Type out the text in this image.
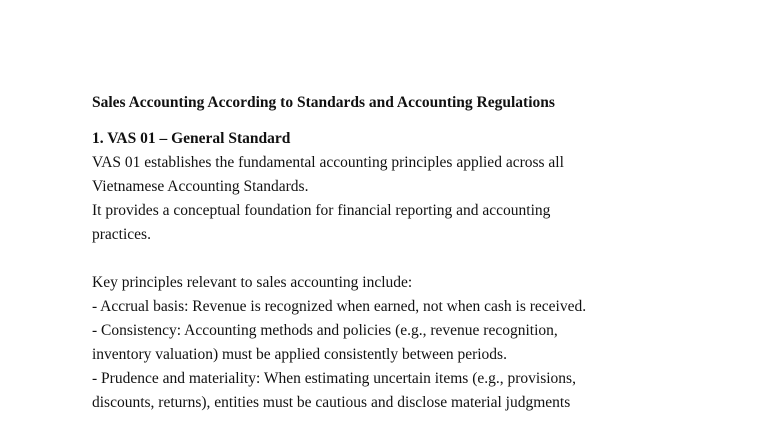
Sales Accounting According to Standards and Accounting Regulations
1. VAS 01 – General Standard
VAS 01 establishes the fundamental accounting principles applied across all
Vietnamese Accounting Standards.
It provides a conceptual foundation for financial reporting and accounting
practices.
Key principles relevant to sales accounting include:
- Accrual basis: Revenue is recognized when earned, not when cash is received.
- Consistency: Accounting methods and policies (e.g., revenue recognition,
inventory valuation) must be applied consistently between periods.
- Prudence and materiality: When estimating uncertain items (e.g., provisions,
discounts, returns), entities must be cautious and disclose material judgments
